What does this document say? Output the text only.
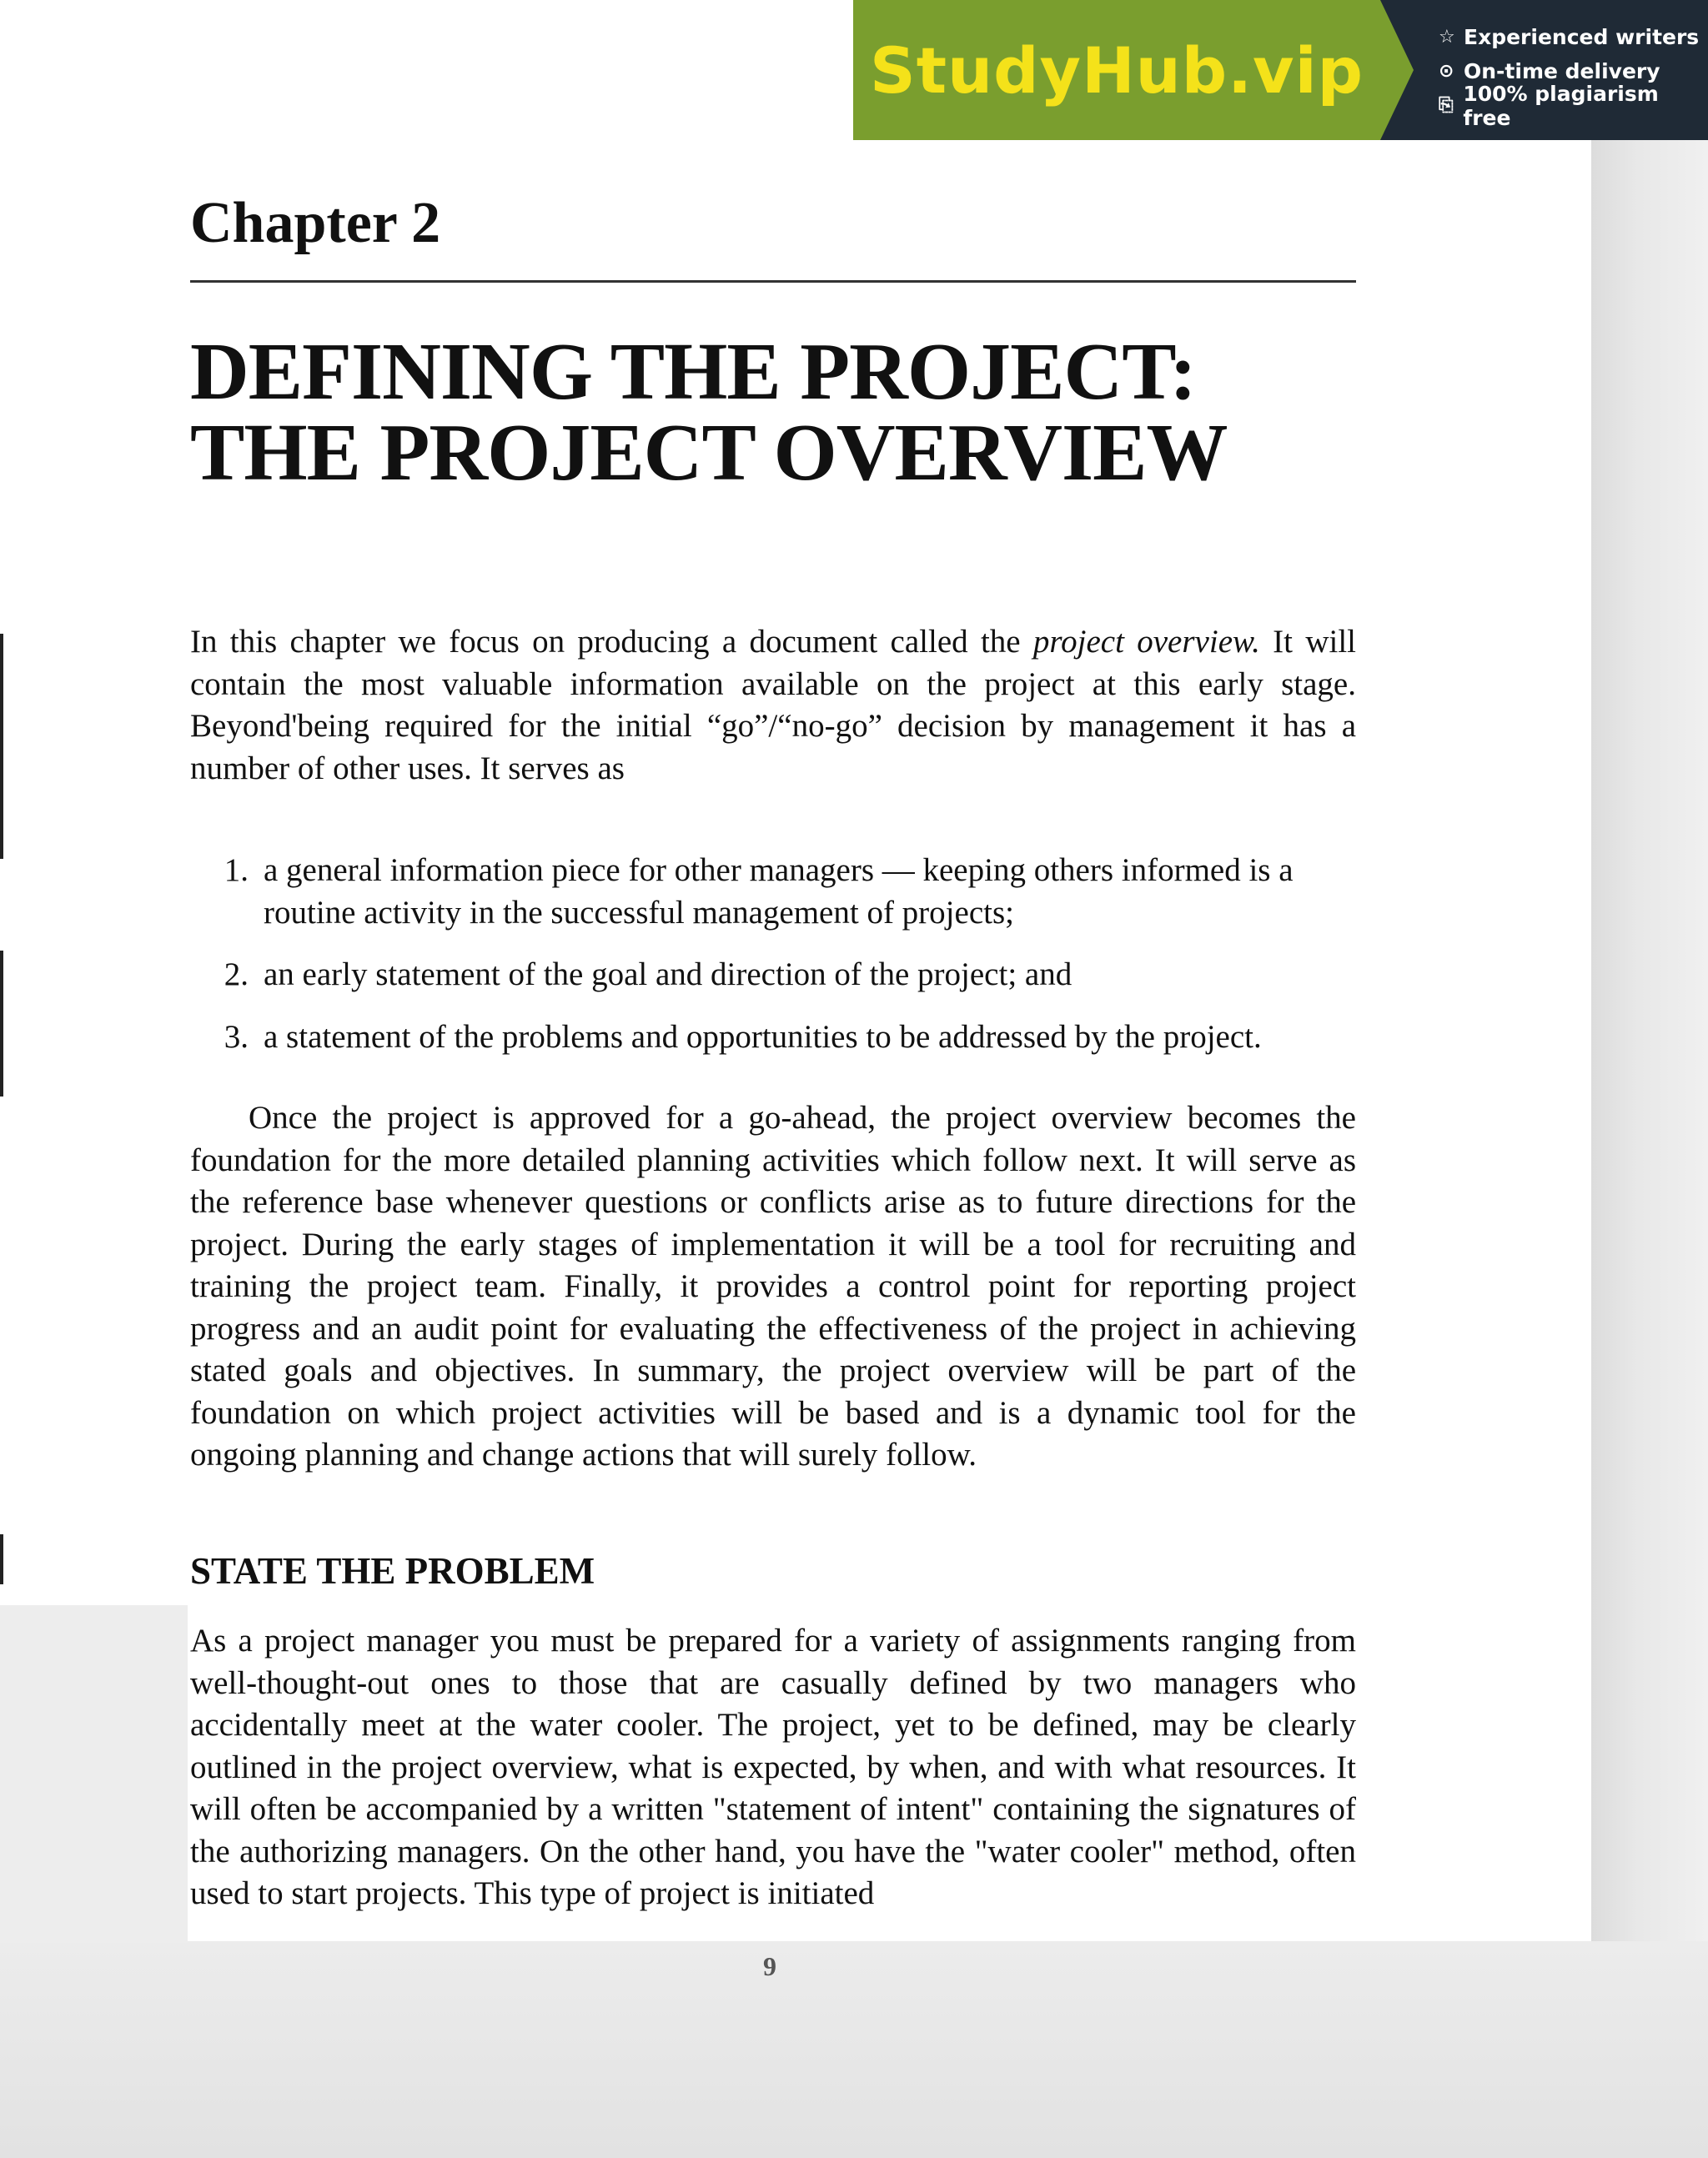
StudyHub.vip	☆ Experienced writers
⊙ On-time delivery
⎘ 100% plagiarism free
Chapter 2
DEFINING THE PROJECT:
THE PROJECT OVERVIEW

In this chapter we focus on producing a document called the project overview. It will contain the most valuable information available on the project at this early stage. Beyond'being required for the initial “go”/“no-go” decision by management it has a number of other uses. It serves as

1. a general information piece for other managers — keeping others informed is a routine activity in the successful management of projects;
2. an early statement of the goal and direction of the project; and
3. a statement of the problems and opportunities to be addressed by the project.

Once the project is approved for a go-ahead, the project overview becomes the foundation for the more detailed planning activities which follow next. It will serve as the reference base whenever questions or conflicts arise as to future directions for the project. During the early stages of implementation it will be a tool for recruiting and training the project team. Finally, it provides a control point for reporting project progress and an audit point for evaluating the effectiveness of the project in achieving stated goals and objectives. In summary, the project overview will be part of the foundation on which project activities will be based and is a dynamic tool for the ongoing planning and change actions that will surely follow.

STATE THE PROBLEM

As a project manager you must be prepared for a variety of assignments ranging from well-thought-out ones to those that are casually defined by two managers who accidentally meet at the water cooler. The project, yet to be defined, may be clearly outlined in the project overview, what is expected, by when, and with what resources. It will often be accompanied by a written "statement of intent" containing the signatures of the authorizing managers. On the other hand, you have the "water cooler" method, often used to start projects. This type of project is initiated

9
